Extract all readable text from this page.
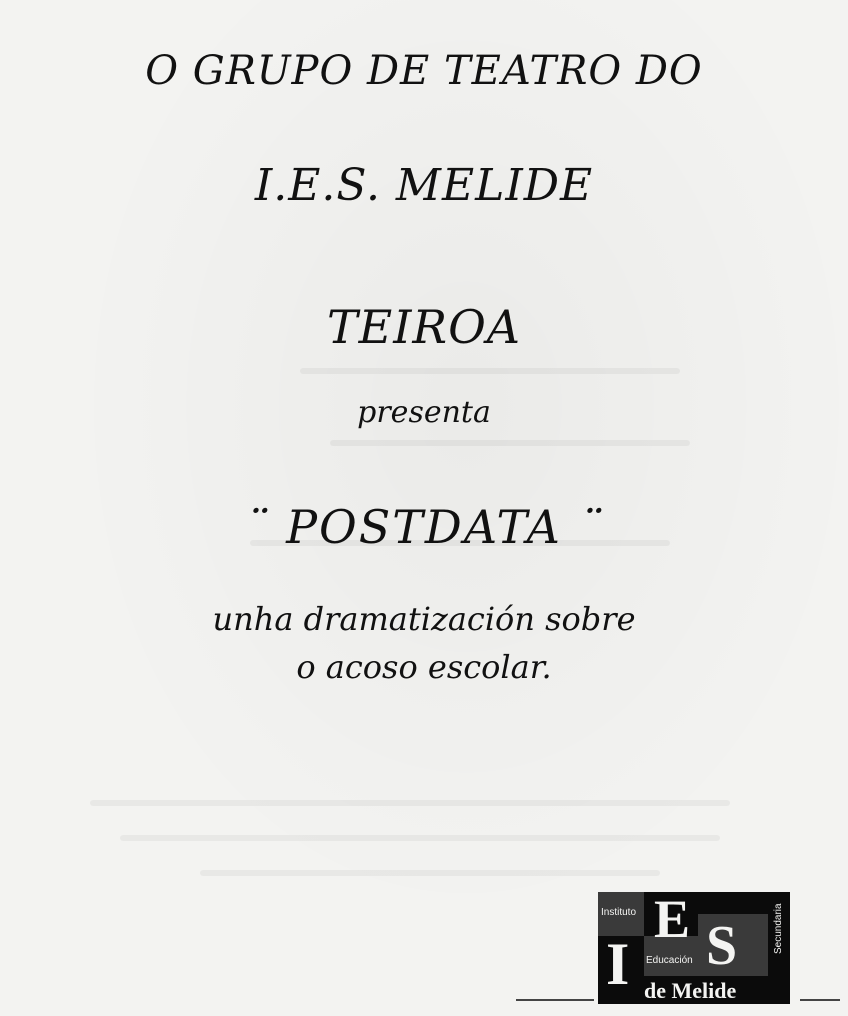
O GRUPO DE TEATRO DO
I.E.S. MELIDE
TEIROA
presenta
¨ POSTDATA ¨
unha dramatización sobre
o acoso escolar.
I
E S
Instituto
Educación
Secundaria
de Melide
